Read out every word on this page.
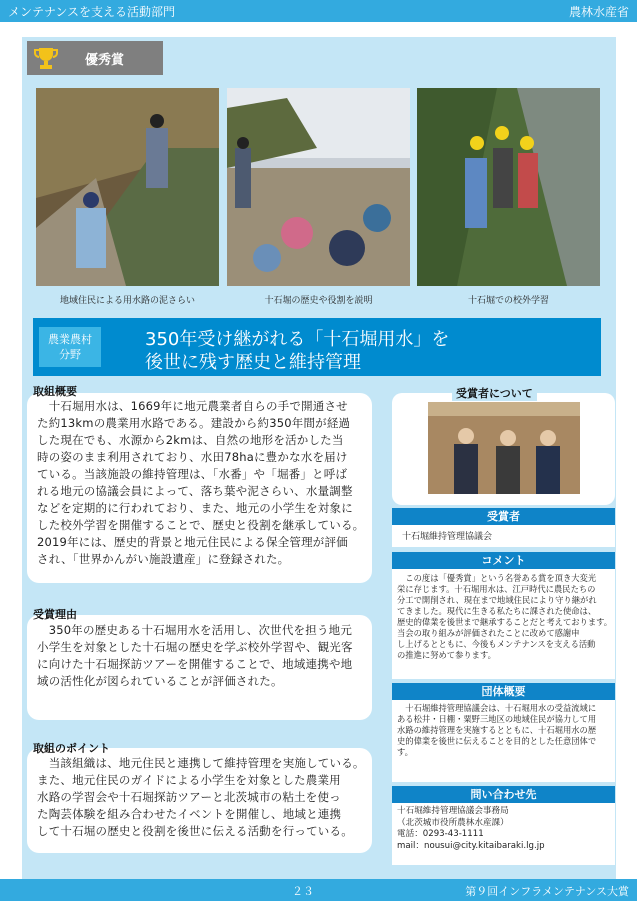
メンテナンスを支える活動部門	農林水産省
優秀賞
地域住民による用水路の泥さらい	十石堀の歴史や役割を説明	十石堀での校外学習
農業農村
分野
350年受け継がれる「十石堀用水」を
後世に残す歴史と維持管理
取組概要
　十石堀用水は、1669年に地元農業者自らの手で開通させ
た約13kmの農業用水路である。建設から約350年間が経過
した現在でも、水源から2kmは、自然の地形を活かした当
時の姿のまま利用されており、水田78haに豊かな水を届け
ている。当該施設の維持管理は、「水番」や「堀番」と呼ば
れる地元の協議会員によって、落ち葉や泥さらい、水量調整
などを定期的に行われており、また、地元の小学生を対象に
した校外学習を開催することで、歴史と役割を継承している。
2019年には、歴史的背景と地元住民による保全管理が評価
され、「世界かんがい施設遺産」に登録された。
受賞理由
　350年の歴史ある十石堀用水を活用し、次世代を担う地元
小学生を対象とした十石堀の歴史を学ぶ校外学習や、観光客
に向けた十石堀探訪ツアーを開催することで、地域連携や地
域の活性化が図られていることが評価された。
取組のポイント
　当該組織は、地元住民と連携して維持管理を実施している。
また、地元住民のガイドによる小学生を対象とした農業用
水路の学習会や十石堀探訪ツアーと北茨城市の粘土を使っ
た陶芸体験を組み合わせたイベントを開催し、地域と連携
して十石堀の歴史と役割を後世に伝える活動を行っている。
受賞者について
受賞者
十石堀維持管理協議会
コメント
　この度は「優秀賞」という名誉ある賞を頂き大変光
栄に存じます。十石堀用水は、江戸時代に農民たちの
分工で開削され、現在まで地域住民により守り継がれ
てきました。現代に生きる私たちに課された使命は、
歴史的偉業を後世まで継承することだと考えております。
当会の取り組みが評価されたことに改めて感謝申
し上げるとともに、今後もメンテナンスを支える活動
の推進に努めて参ります。
団体概要
　十石堀維持管理協議会は、十石堀用水の受益流域に
ある松井・日棚・粟野三地区の地域住民が協力して用
水路の維持管理を実施するとともに、十石堀用水の歴
史的偉業を後世に伝えることを目的とした任意団体で
す。
問い合わせ先
十石堀維持管理協議会事務局
（北茨城市役所農林水産課）
電話：0293-43-1111
mail：nousui@city.kitaibaraki.lg.jp
２３	第９回インフラメンテナンス大賞
